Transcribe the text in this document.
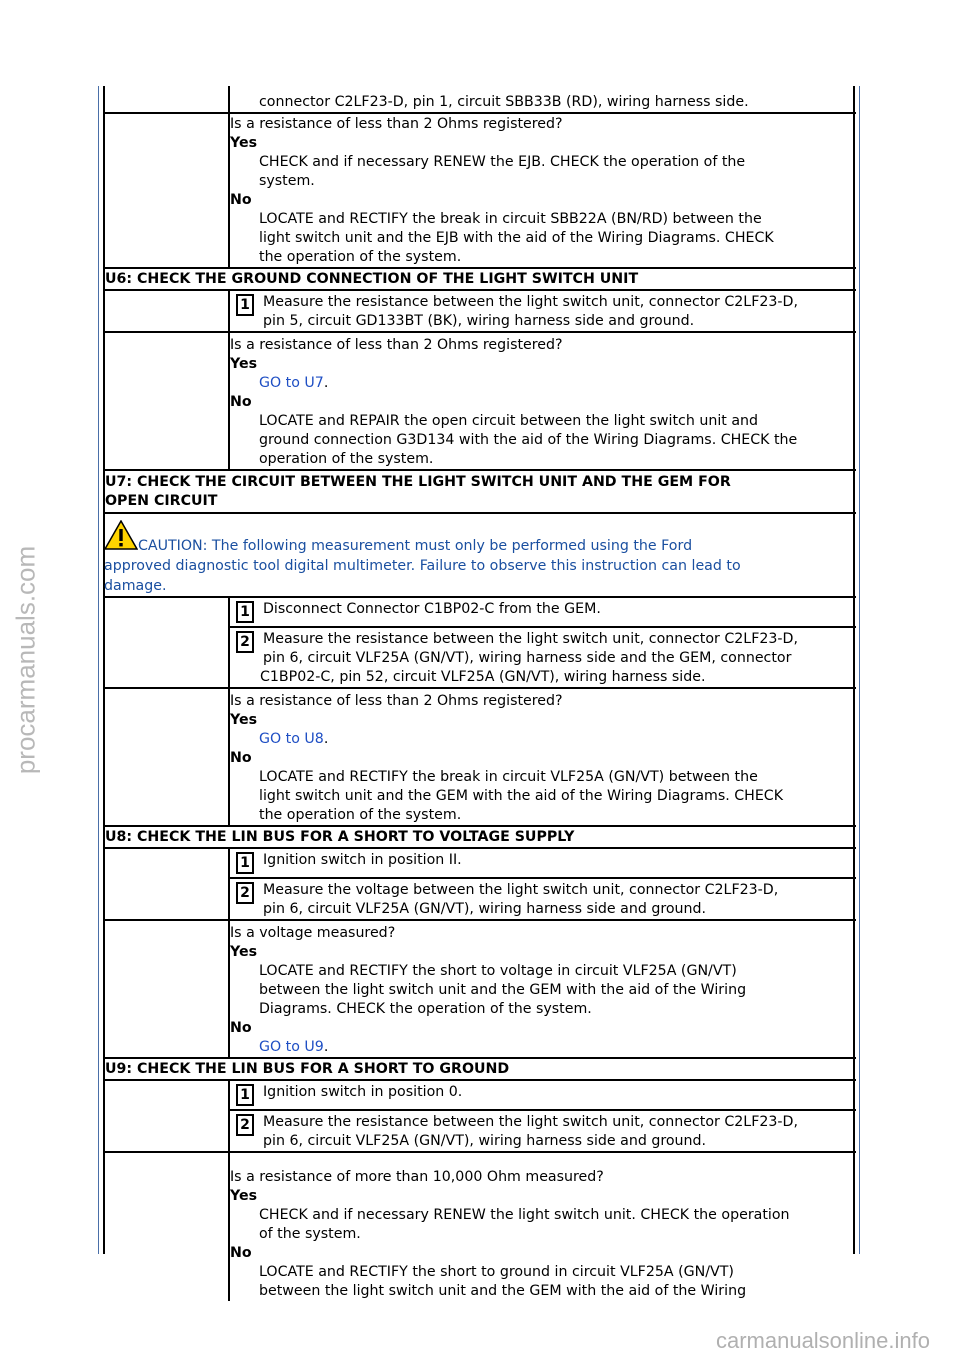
procarmanuals.com
connector C2LF23-D, pin 1, circuit SBB33B (RD), wiring harness side.
Is a resistance of less than 2 Ohms registered?
Yes
CHECK and if necessary RENEW the EJB. CHECK the operation of the
system.
No
LOCATE and RECTIFY the break in circuit SBB22A (BN/RD) between the
light switch unit and the EJB with the aid of the Wiring Diagrams. CHECK
the operation of the system.
U6: CHECK THE GROUND CONNECTION OF THE LIGHT SWITCH UNIT
1 Measure the resistance between the light switch unit, connector C2LF23-D,
pin 5, circuit GD133BT (BK), wiring harness side and ground.
Is a resistance of less than 2 Ohms registered?
Yes
GO to U7.
No
LOCATE and REPAIR the open circuit between the light switch unit and
ground connection G3D134 with the aid of the Wiring Diagrams. CHECK the
operation of the system.
U7: CHECK THE CIRCUIT BETWEEN THE LIGHT SWITCH UNIT AND THE GEM FOR
OPEN CIRCUIT
CAUTION: The following measurement must only be performed using the Ford
approved diagnostic tool digital multimeter. Failure to observe this instruction can lead to
damage.
1 Disconnect Connector C1BP02-C from the GEM.
2 Measure the resistance between the light switch unit, connector C2LF23-D,
pin 6, circuit VLF25A (GN/VT), wiring harness side and the GEM, connector
C1BP02-C, pin 52, circuit VLF25A (GN/VT), wiring harness side.
Is a resistance of less than 2 Ohms registered?
Yes
GO to U8.
No
LOCATE and RECTIFY the break in circuit VLF25A (GN/VT) between the
light switch unit and the GEM with the aid of the Wiring Diagrams. CHECK
the operation of the system.
U8: CHECK THE LIN BUS FOR A SHORT TO VOLTAGE SUPPLY
1 Ignition switch in position II.
2 Measure the voltage between the light switch unit, connector C2LF23-D,
pin 6, circuit VLF25A (GN/VT), wiring harness side and ground.
Is a voltage measured?
Yes
LOCATE and RECTIFY the short to voltage in circuit VLF25A (GN/VT)
between the light switch unit and the GEM with the aid of the Wiring
Diagrams. CHECK the operation of the system.
No
GO to U9.
U9: CHECK THE LIN BUS FOR A SHORT TO GROUND
1 Ignition switch in position 0.
2 Measure the resistance between the light switch unit, connector C2LF23-D,
pin 6, circuit VLF25A (GN/VT), wiring harness side and ground.
Is a resistance of more than 10,000 Ohm measured?
Yes
CHECK and if necessary RENEW the light switch unit. CHECK the operation
of the system.
No
LOCATE and RECTIFY the short to ground in circuit VLF25A (GN/VT)
between the light switch unit and the GEM with the aid of the Wiring
carmanualsonline.info
